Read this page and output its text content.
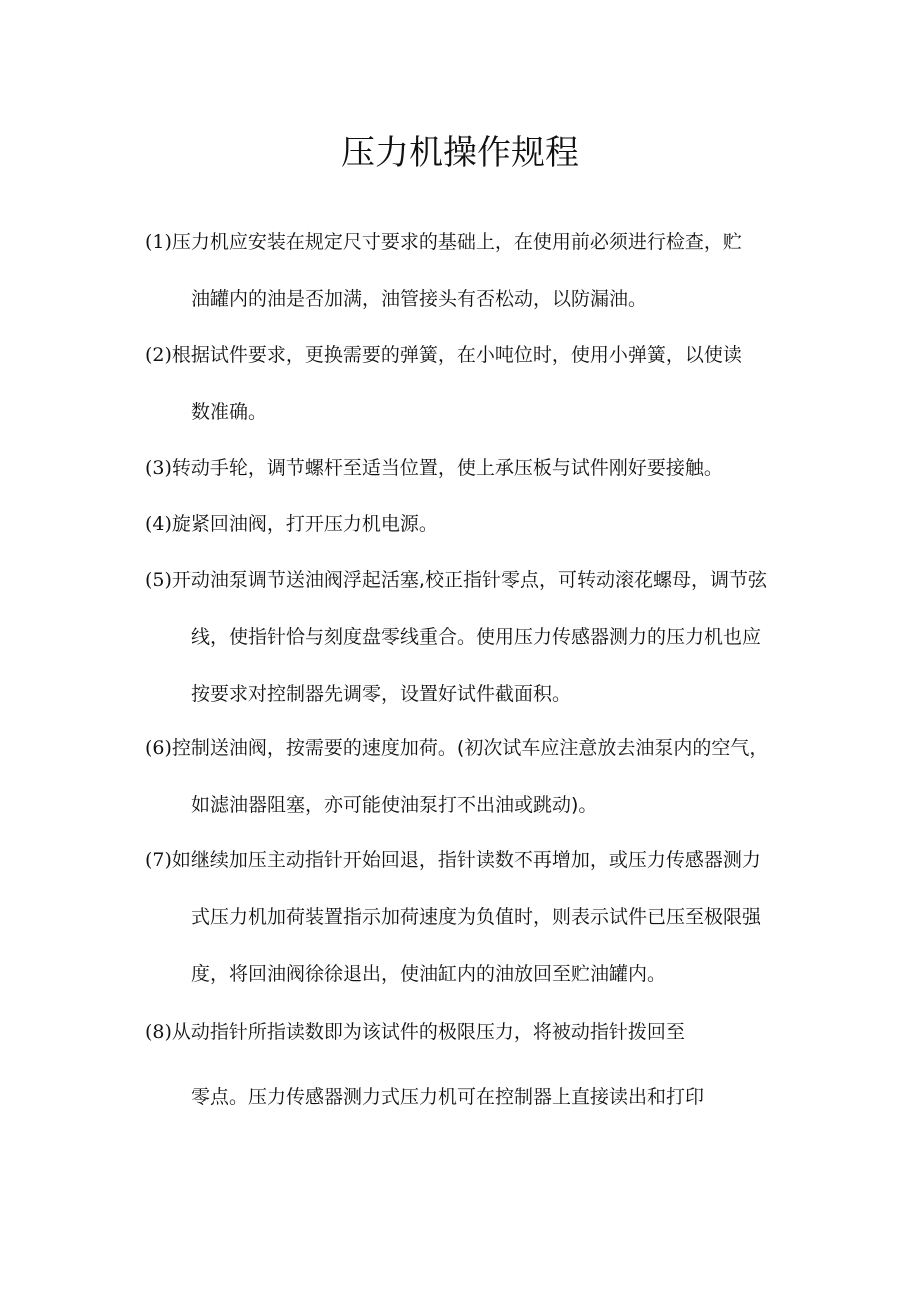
压力机操作规程
(1)压力机应安装在规定尺寸要求的基础上，在使用前必须进行检查，贮
油罐内的油是否加满，油管接头有否松动，以防漏油。
(2)根据试件要求，更换需要的弹簧，在小吨位时，使用小弹簧，以使读
数准确。
(3)转动手轮，调节螺杆至适当位置，使上承压板与试件刚好要接触。
(4)旋紧回油阀，打开压力机电源。
(5)开动油泵调节送油阀浮起活塞,校正指针零点，可转动滚花螺母，调节弦
线，使指针恰与刻度盘零线重合。使用压力传感器测力的压力机也应
按要求对控制器先调零，设置好试件截面积。
(6)控制送油阀，按需要的速度加荷。(初次试车应注意放去油泵内的空气，
如滤油器阻塞，亦可能使油泵打不出油或跳动)。
(7)如继续加压主动指针开始回退，指针读数不再增加，或压力传感器测力
式压力机加荷装置指示加荷速度为负值时，则表示试件已压至极限强
度，将回油阀徐徐退出，使油缸内的油放回至贮油罐内。
(8)从动指针所指读数即为该试件的极限压力，将被动指针拨回至
零点。压力传感器测力式压力机可在控制器上直接读出和打印
